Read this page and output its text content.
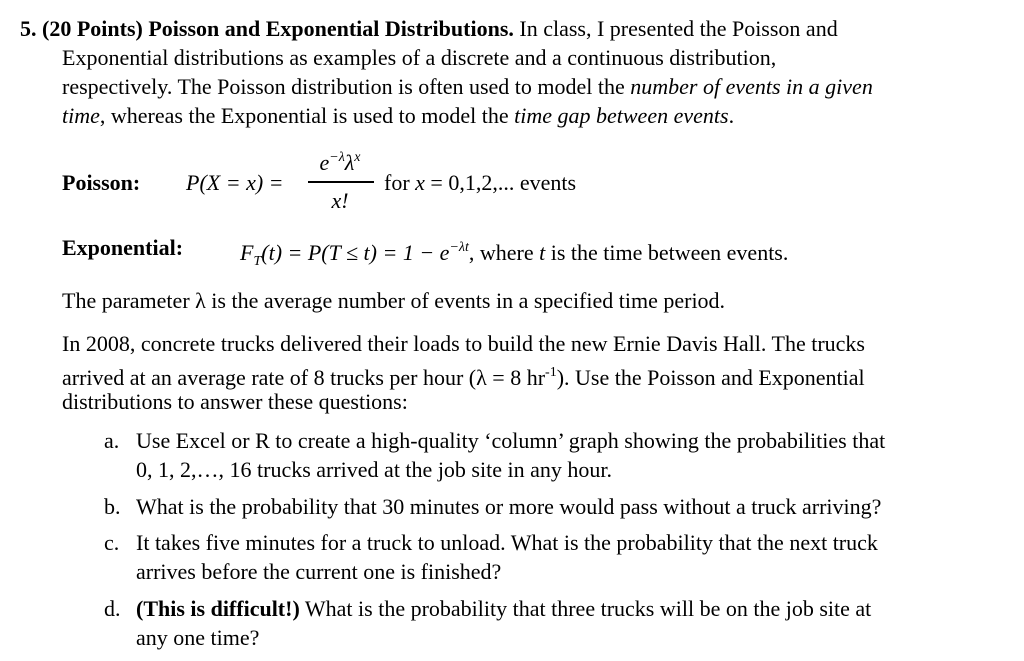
5. (20 Points) Poisson and Exponential Distributions. In class, I presented the Poisson and
Exponential distributions as examples of a discrete and a continuous distribution,
respectively. The Poisson distribution is often used to model the number of events in a given
time, whereas the Exponential is used to model the time gap between events.
Poisson: P(X = x) =
$e^{-\lambda}\lambda^x$
x!
for x = 0,1,2,... events
Exponential:	$F_T(t) = P(T \le t) = 1 - e^{-\lambda t}$, where t is the time between events.
The parameter λ is the average number of events in a specified time period.
In 2008, concrete trucks delivered their loads to build the new Ernie Davis Hall. The trucks
arrived at an average rate of 8 trucks per hour (λ = 8 $hr^{-1}$). Use the Poisson and Exponential
distributions to answer these questions:
a. Use Excel or R to create a high-quality ‘column’ graph showing the probabilities that
0, 1, 2,…, 16 trucks arrived at the job site in any hour.
b. What is the probability that 30 minutes or more would pass without a truck arriving?
c. It takes five minutes for a truck to unload. What is the probability that the next truck
arrives before the current one is finished?
d. (This is difficult!) What is the probability that three trucks will be on the job site at
any one time?
